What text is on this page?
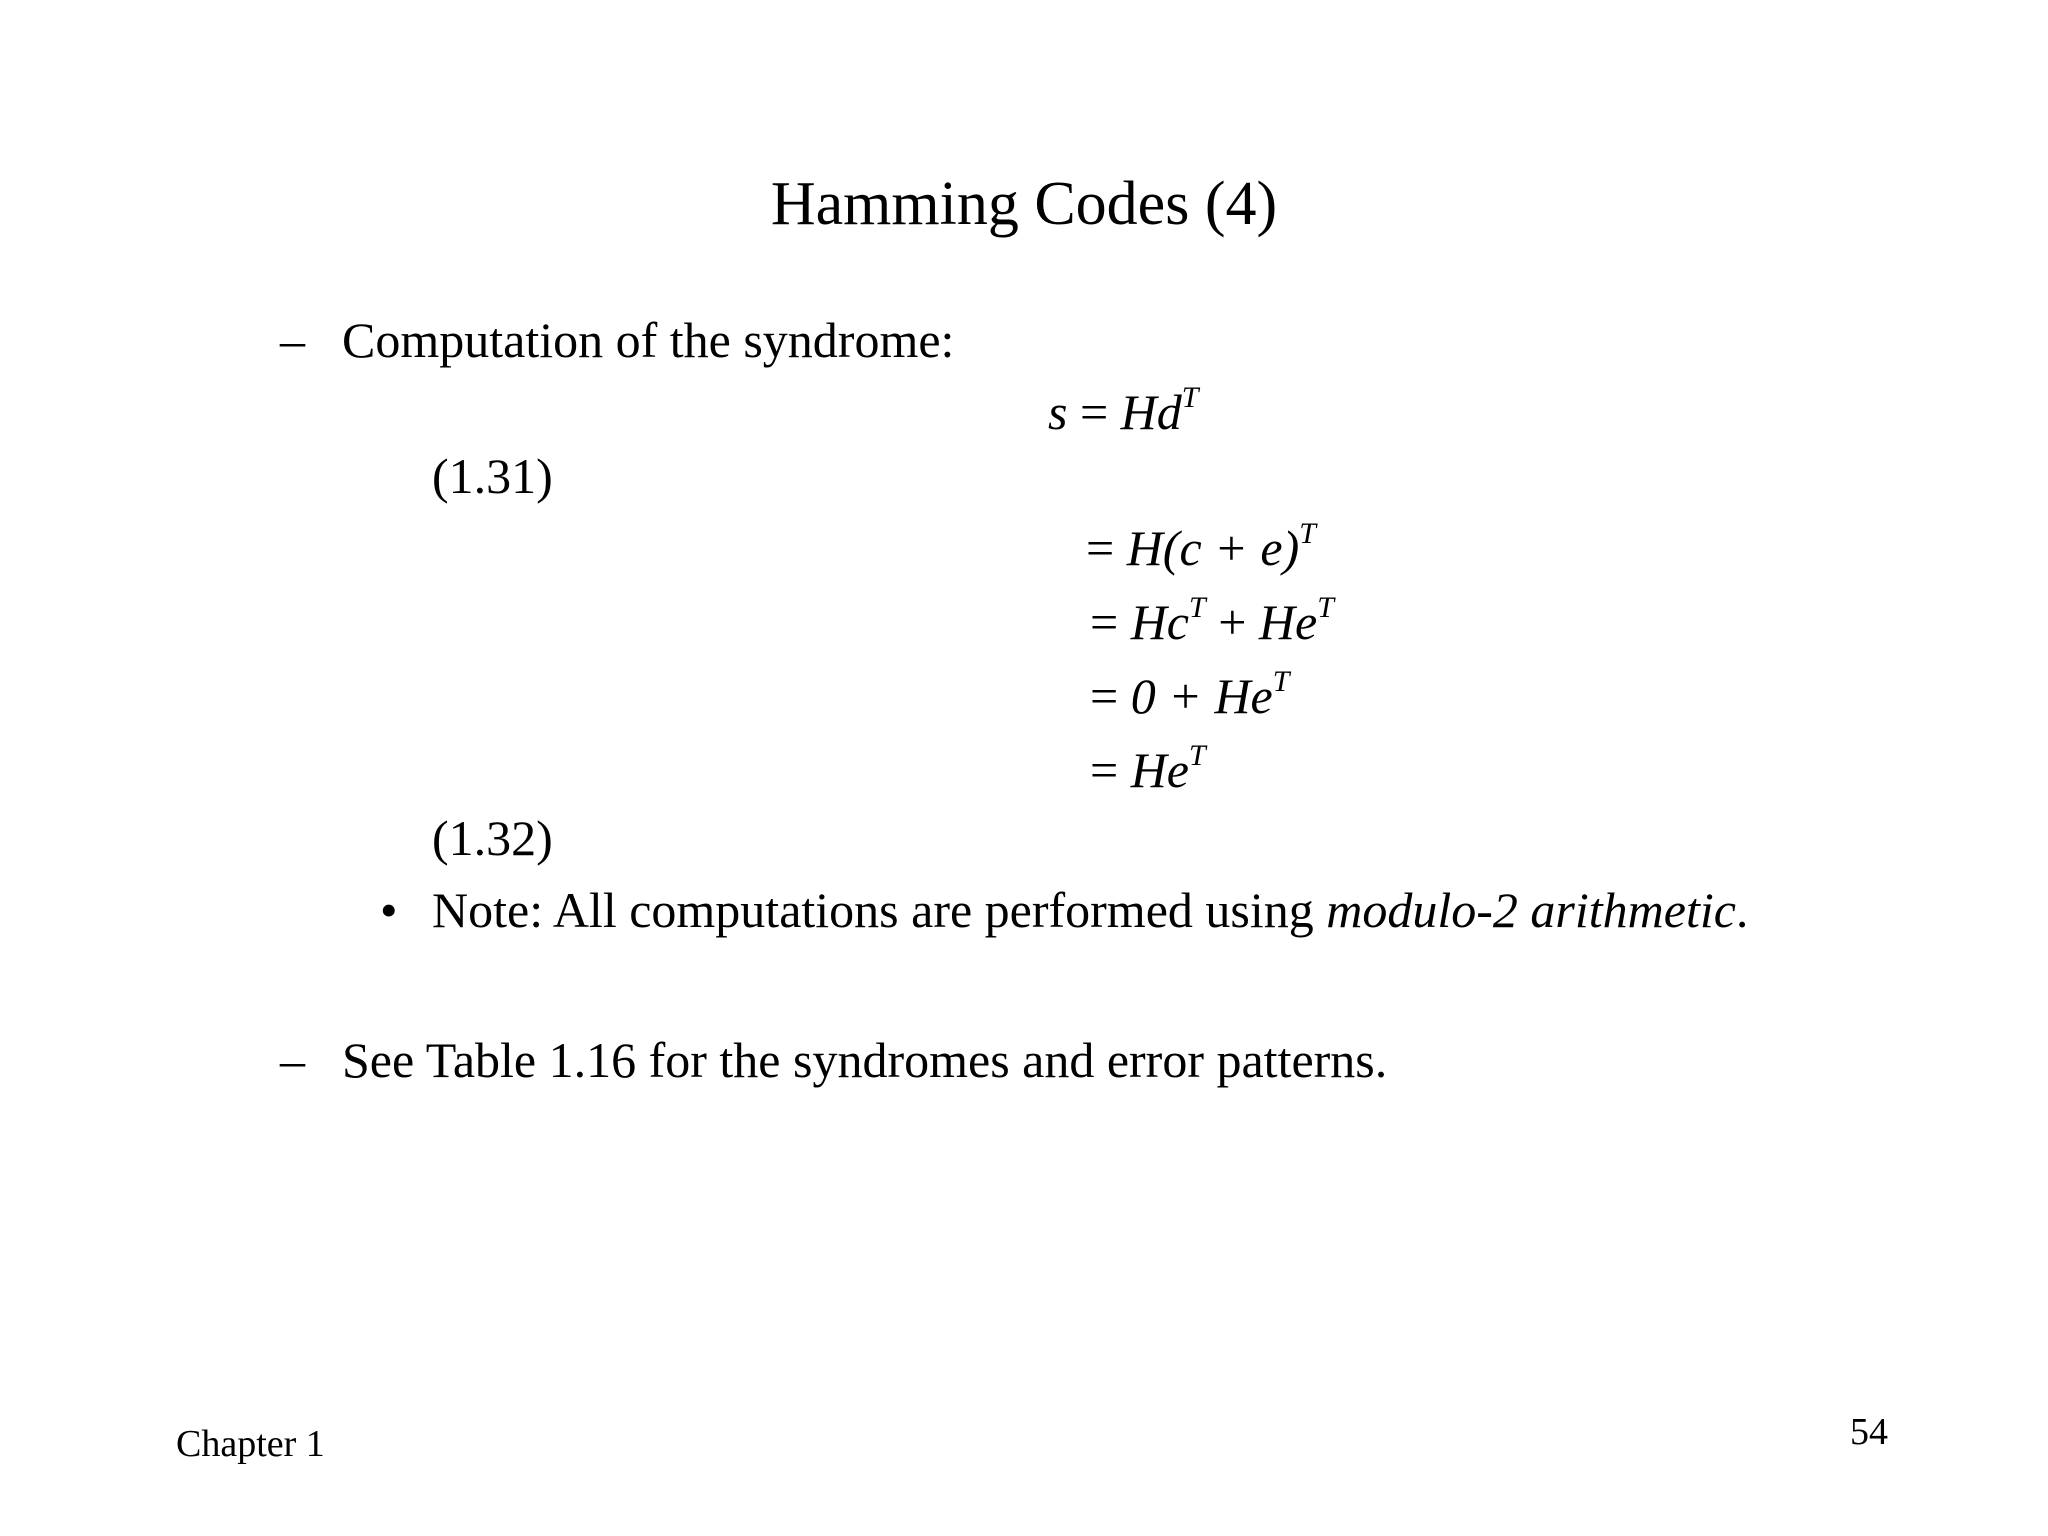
Hamming Codes (4)
– Computation of the syndrome:
$s = Hd^T$
(1.31)
= $H(c + e)^T$
= $Hc^T + He^T$
= $0 + He^T$
= $He^T$
(1.32)
• Note: All computations are performed using modulo-2 arithmetic.
– See Table 1.16 for the syndromes and error patterns.
Chapter 1	54
